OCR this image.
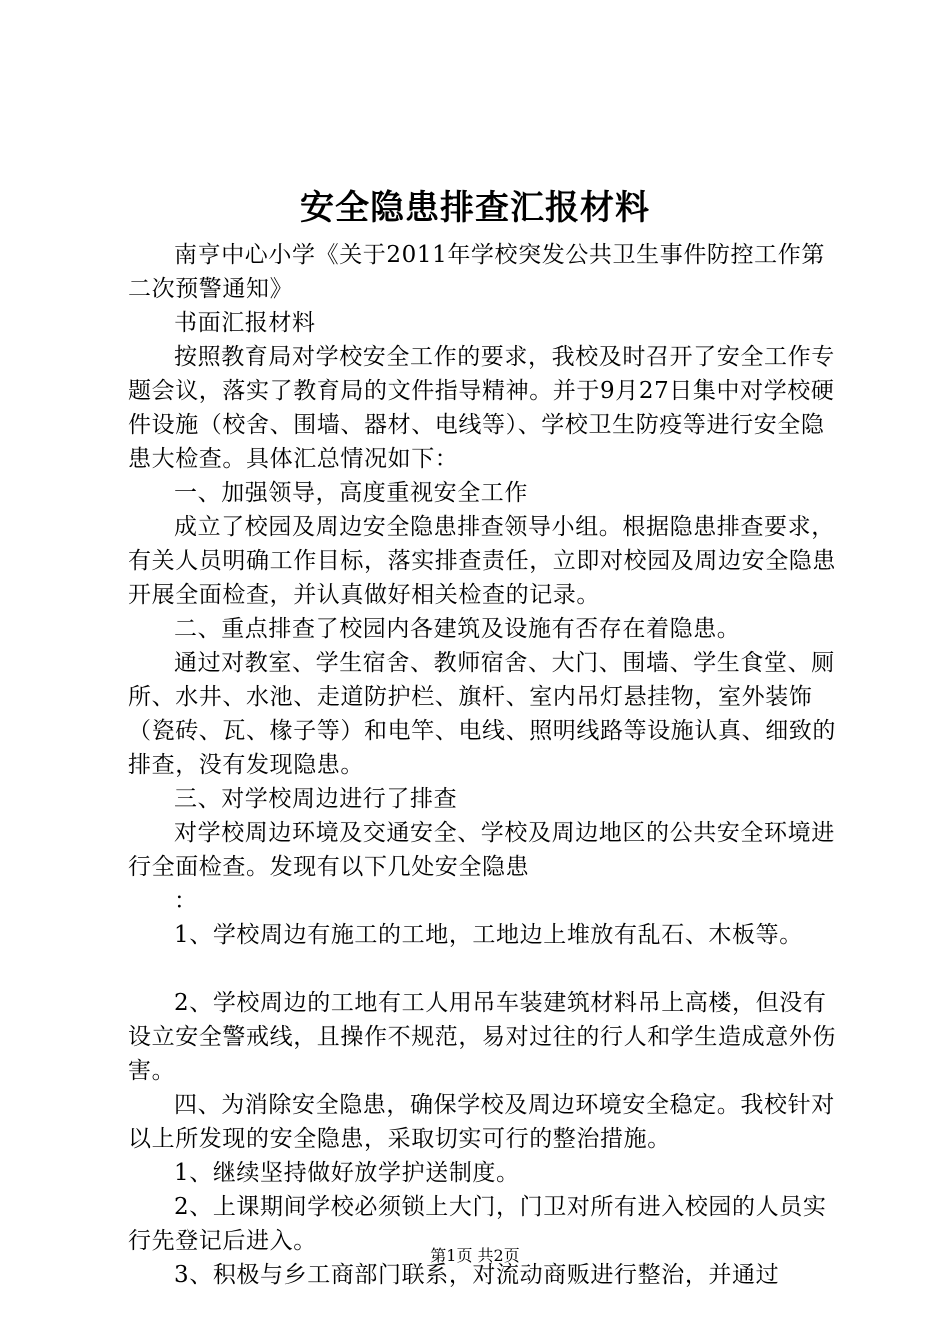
安全隐患排查汇报材料

南亨中心小学《关于2011年学校突发公共卫生事件防控工作第二次预警通知》

书面汇报材料

按照教育局对学校安全工作的要求，我校及时召开了安全工作专题会议，落实了教育局的文件指导精神。并于9月27日集中对学校硬件设施（校舍、围墙、器材、电线等）、学校卫生防疫等进行安全隐患大检查。具体汇总情况如下：

一、加强领导，高度重视安全工作

成立了校园及周边安全隐患排查领导小组。根据隐患排查要求，有关人员明确工作目标，落实排查责任，立即对校园及周边安全隐患开展全面检查，并认真做好相关检查的记录。

二、重点排查了校园内各建筑及设施有否存在着隐患。

通过对教室、学生宿舍、教师宿舍、大门、围墙、学生食堂、厕所、水井、水池、走道防护栏、旗杆、室内吊灯悬挂物，室外装饰（瓷砖、瓦、椽子等）和电竿、电线、照明线路等设施认真、细致的排查，没有发现隐患。

三、对学校周边进行了排查

对学校周边环境及交通安全、学校及周边地区的公共安全环境进行全面检查。发现有以下几处安全隐患

：

1、学校周边有施工的工地，工地边上堆放有乱石、木板等。

2、学校周边的工地有工人用吊车装建筑材料吊上高楼，但没有设立安全警戒线，且操作不规范，易对过往的行人和学生造成意外伤害。

四、为消除安全隐患，确保学校及周边环境安全稳定。我校针对以上所发现的安全隐患，采取切实可行的整治措施。

1、继续坚持做好放学护送制度。

2、上课期间学校必须锁上大门，门卫对所有进入校园的人员实行先登记后进入。

3、积极与乡工商部门联系，对流动商贩进行整治，并通过

第1页 共2页
